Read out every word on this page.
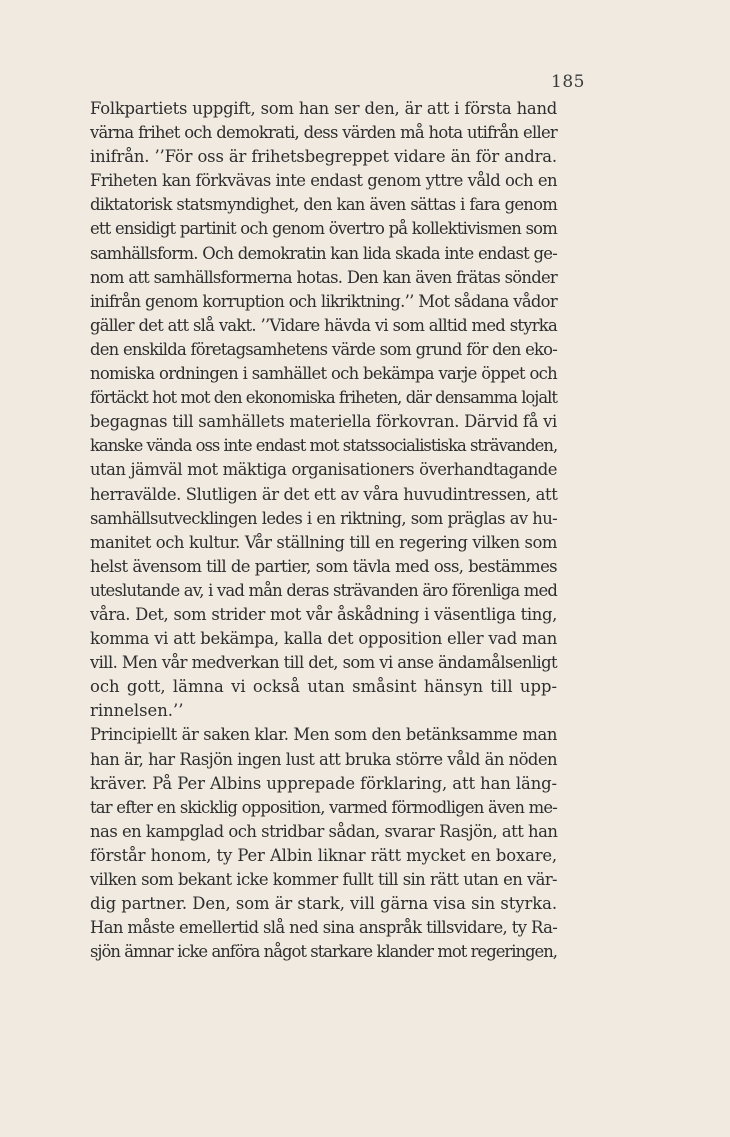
185
Folkpartiets uppgift, som han ser den, är att i första hand
värna frihet och demokrati, dess värden må hota utifrån eller
inifrån. ’’För oss är frihetsbegreppet vidare än för andra.
Friheten kan förkvävas inte endast genom yttre våld och en
diktatorisk statsmyndighet, den kan även sättas i fara genom
ett ensidigt partinit och genom övertro på kollektivismen som
samhällsform. Och demokratin kan lida skada inte endast ge-
nom att samhällsformerna hotas. Den kan även frätas sönder
inifrån genom korruption och likriktning.’’ Mot sådana vådor
gäller det att slå vakt. ’’Vidare hävda vi som alltid med styrka
den enskilda företagsamhetens värde som grund för den eko-
nomiska ordningen i samhället och bekämpa varje öppet och
förtäckt hot mot den ekonomiska friheten, där densamma lojalt
begagnas till samhällets materiella förkovran. Därvid få vi
kanske vända oss inte endast mot statssocialistiska strävanden,
utan jämväl mot mäktiga organisationers överhandtagande
herravälde. Slutligen är det ett av våra huvudintressen, att
samhällsutvecklingen ledes i en riktning, som präglas av hu-
manitet och kultur. Vår ställning till en regering vilken som
helst ävensom till de partier, som tävla med oss, bestämmes
uteslutande av, i vad mån deras strävanden äro förenliga med
våra. Det, som strider mot vår åskådning i väsentliga ting,
komma vi att bekämpa, kalla det opposition eller vad man
vill. Men vår medverkan till det, som vi anse ändamålsenligt
och gott, lämna vi också utan småsint hänsyn till upp-
rinnelsen.’’
Principiellt är saken klar. Men som den betänksamme man
han är, har Rasjön ingen lust att bruka större våld än nöden
kräver. På Per Albins upprepade förklaring, att han läng-
tar efter en skicklig opposition, varmed förmodligen även me-
nas en kampglad och stridbar sådan, svarar Rasjön, att han
förstår honom, ty Per Albin liknar rätt mycket en boxare,
vilken som bekant icke kommer fullt till sin rätt utan en vär-
dig partner. Den, som är stark, vill gärna visa sin styrka.
Han måste emellertid slå ned sina anspråk tillsvidare, ty Ra-
sjön ämnar icke anföra något starkare klander mot regeringen,
